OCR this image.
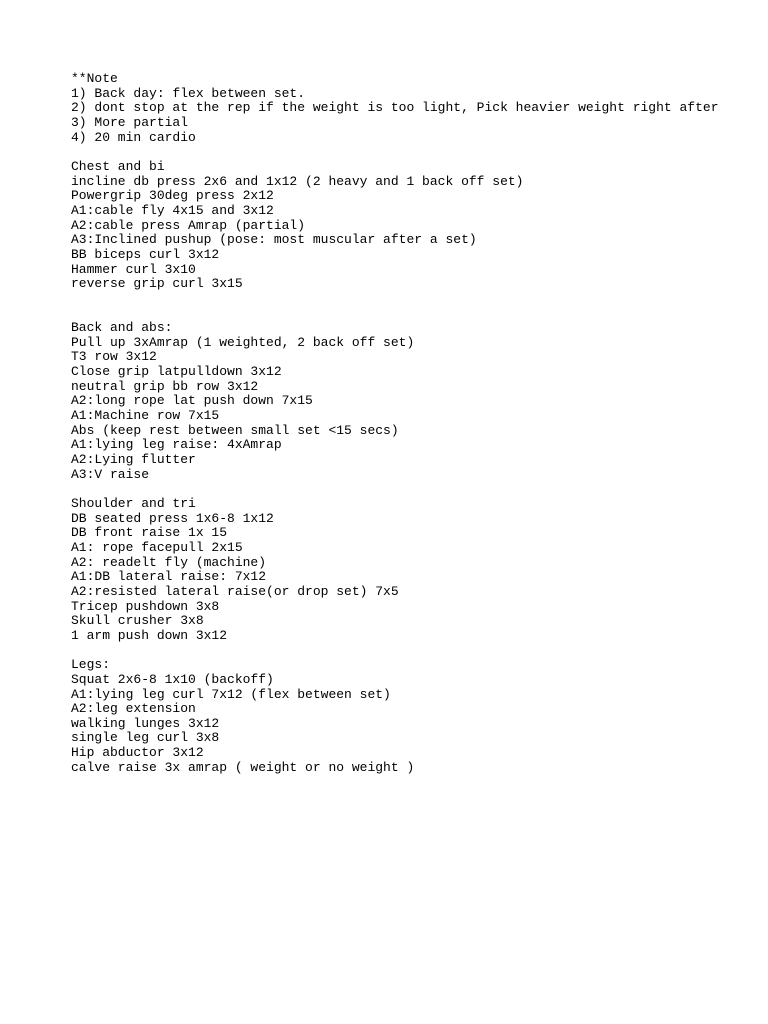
**Note
1) Back day: flex between set.
2) dont stop at the rep if the weight is too light, Pick heavier weight right after
3) More partial
4) 20 min cardio
Chest and bi
incline db press 2x6 and 1x12 (2 heavy and 1 back off set)
Powergrip 30deg press 2x12
A1:cable fly 4x15 and 3x12
A2:cable press Amrap (partial)
A3:Inclined pushup (pose: most muscular after a set)
BB biceps curl 3x12
Hammer curl 3x10
reverse grip curl 3x15
Back and abs:
Pull up 3xAmrap (1 weighted, 2 back off set)
T3 row 3x12
Close grip latpulldown 3x12
neutral grip bb row 3x12
A2:long rope lat push down 7x15
A1:Machine row 7x15
Abs (keep rest between small set <15 secs)
A1:lying leg raise: 4xAmrap
A2:Lying flutter
A3:V raise
Shoulder and tri
DB seated press 1x6-8 1x12
DB front raise 1x 15
A1: rope facepull 2x15
A2: readelt fly (machine)
A1:DB lateral raise: 7x12
A2:resisted lateral raise(or drop set) 7x5
Tricep pushdown 3x8
Skull crusher 3x8
1 arm push down 3x12
Legs:
Squat 2x6-8 1x10 (backoff)
A1:lying leg curl 7x12 (flex between set)
A2:leg extension
walking lunges 3x12
single leg curl 3x8
Hip abductor 3x12
calve raise 3x amrap ( weight or no weight )
